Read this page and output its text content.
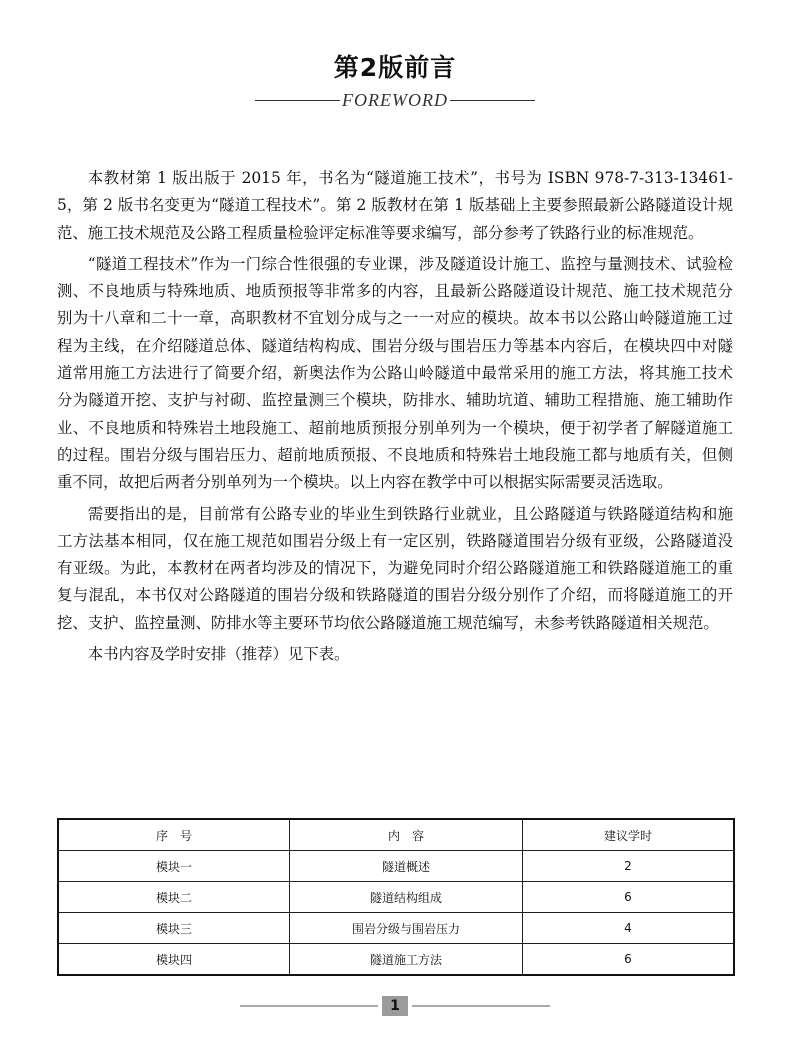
第2版前言
FOREWORD

本教材第 1 版出版于 2015 年，书名为“隧道施工技术”，书号为 ISBN 978-7-313-13461-5，第 2 版书名变更为“隧道工程技术”。第 2 版教材在第 1 版基础上主要参照最新公路隧道设计规范、施工技术规范及公路工程质量检验评定标准等要求编写，部分参考了铁路行业的标准规范。

“隧道工程技术”作为一门综合性很强的专业课，涉及隧道设计施工、监控与量测技术、试验检测、不良地质与特殊地质、地质预报等非常多的内容，且最新公路隧道设计规范、施工技术规范分别为十八章和二十一章，高职教材不宜划分成与之一一对应的模块。故本书以公路山岭隧道施工过程为主线，在介绍隧道总体、隧道结构构成、围岩分级与围岩压力等基本内容后，在模块四中对隧道常用施工方法进行了简要介绍，新奥法作为公路山岭隧道中最常采用的施工方法，将其施工技术分为隧道开挖、支护与衬砌、监控量测三个模块，防排水、辅助坑道、辅助工程措施、施工辅助作业、不良地质和特殊岩土地段施工、超前地质预报分别单列为一个模块，便于初学者了解隧道施工的过程。围岩分级与围岩压力、超前地质预报、不良地质和特殊岩土地段施工都与地质有关，但侧重不同，故把后两者分别单列为一个模块。以上内容在教学中可以根据实际需要灵活选取。

需要指出的是，目前常有公路专业的毕业生到铁路行业就业，且公路隧道与铁路隧道结构和施工方法基本相同，仅在施工规范如围岩分级上有一定区别，铁路隧道围岩分级有亚级，公路隧道没有亚级。为此，本教材在两者均涉及的情况下，为避免同时介绍公路隧道施工和铁路隧道施工的重复与混乱，本书仅对公路隧道的围岩分级和铁路隧道的围岩分级分别作了介绍，而将隧道施工的开挖、支护、监控量测、防排水等主要环节均依公路隧道施工规范编写，未参考铁路隧道相关规范。

本书内容及学时安排（推荐）见下表。

序　号	内　容	建议学时
模块一	隧道概述	2
模块二	隧道结构组成	6
模块三	围岩分级与围岩压力	4
模块四	隧道施工方法	6
1
